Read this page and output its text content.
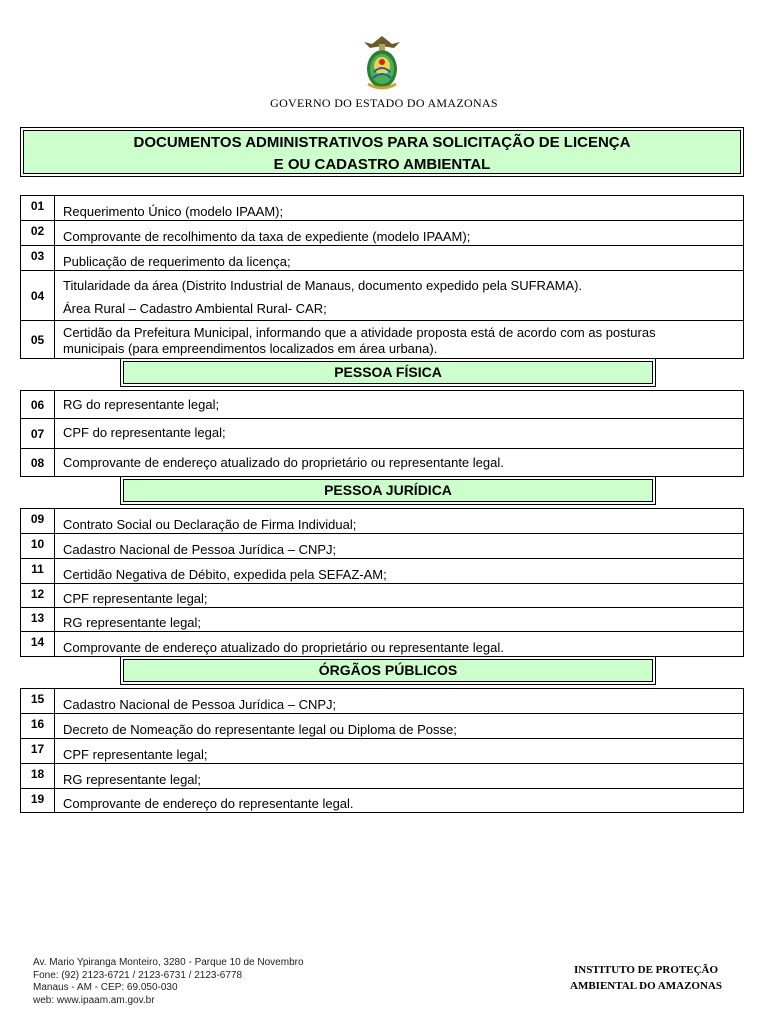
GOVERNO DO ESTADO DO AMAZONAS
DOCUMENTOS ADMINISTRATIVOS PARA SOLICITAÇÃO DE LICENÇA
E OU CADASTRO AMBIENTAL
01	Requerimento Único (modelo IPAAM);
02	Comprovante de recolhimento da taxa de expediente (modelo IPAAM);
03	Publicação de requerimento da licença;
04	Titularidade da área (Distrito Industrial de Manaus, documento expedido pela SUFRAMA).
Área Rural – Cadastro Ambiental Rural- CAR;

05	Certidão da Prefeitura Municipal, informando que a atividade proposta está de acordo com as posturas
municipais (para empreendimentos localizados em área urbana).
PESSOA FÍSICA
06	RG do representante legal;
07	CPF do representante legal;
08	Comprovante de endereço atualizado do proprietário ou representante legal.
PESSOA JURÍDICA
09	Contrato Social ou Declaração de Firma Individual;
10	Cadastro Nacional de Pessoa Jurídica – CNPJ;
11	Certidão Negativa de Débito, expedida pela SEFAZ-AM;
12	CPF representante legal;
13	RG representante legal;
14	Comprovante de endereço atualizado do proprietário ou representante legal.
ÓRGÃOS PÚBLICOS
15	Cadastro Nacional de Pessoa Jurídica – CNPJ;
16	Decreto de Nomeação do representante legal ou Diploma de Posse;
17	CPF representante legal;
18	RG representante legal;
19	Comprovante de endereço do representante legal.
Av. Mario Ypiranga Monteiro, 3280 - Parque 10 de Novembro
Fone: (92) 2123-6721 / 2123-6731 / 2123-6778
Manaus - AM - CEP: 69.050-030
web: www.ipaam.am.gov.br
INSTITUTO DE PROTEÇÃO
AMBIENTAL DO AMAZONAS
